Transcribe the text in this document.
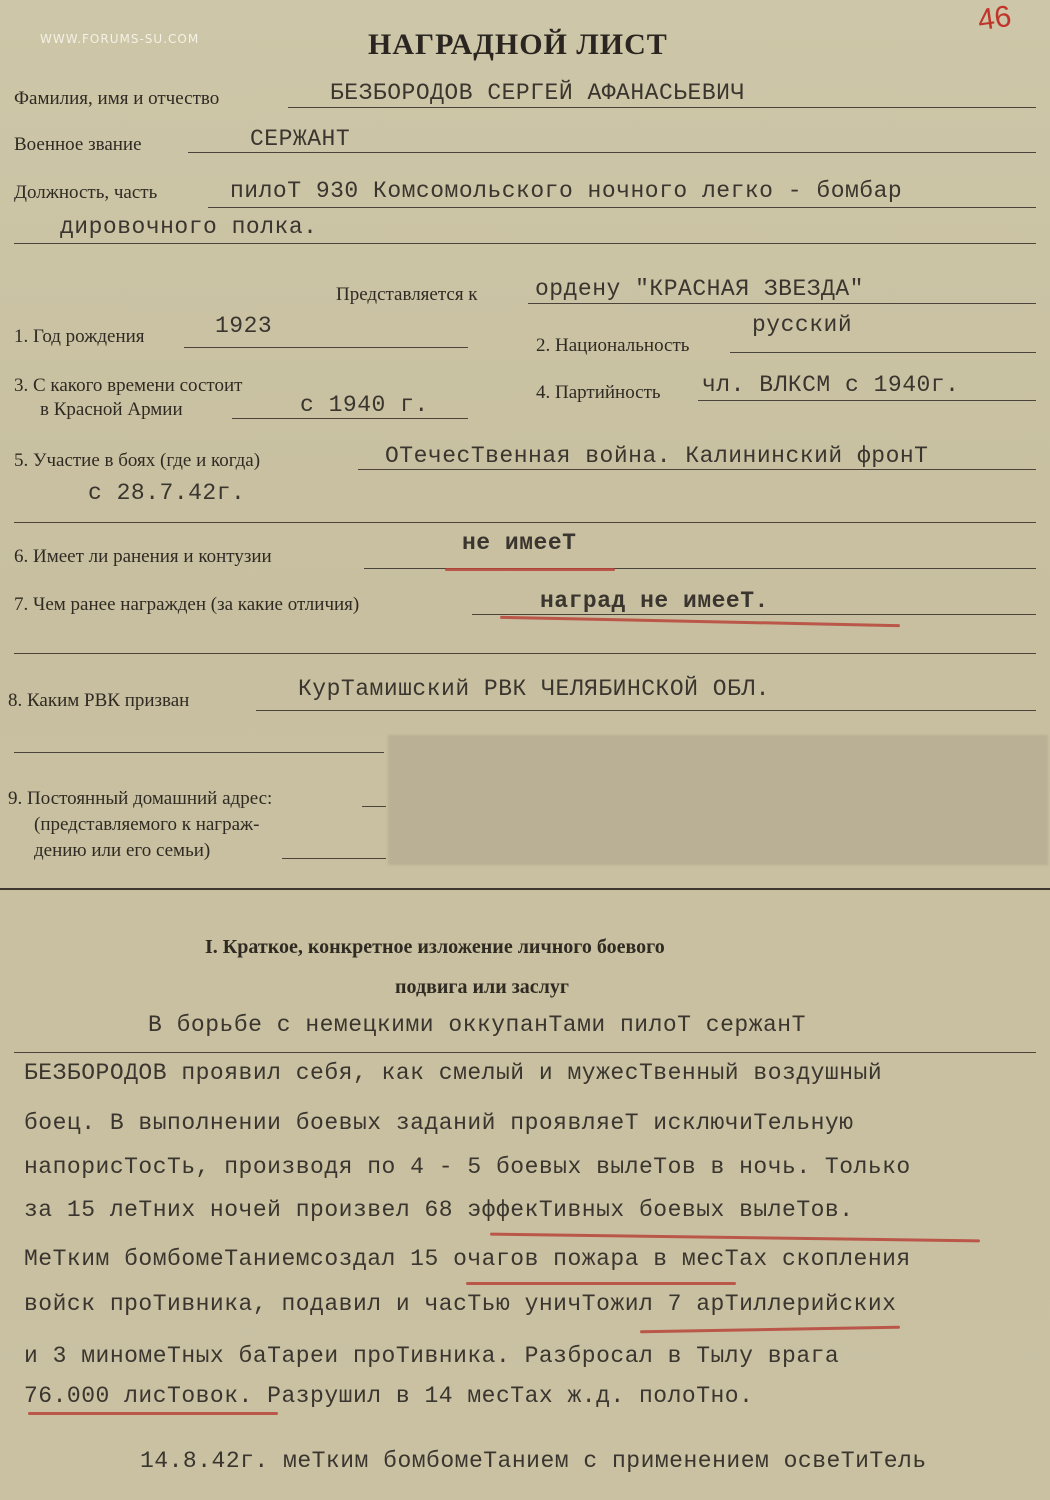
WWW.FORUMS-SU.COM
46
НАГРАДНОЙ ЛИСТ
Фамилия, имя и отчество	БЕЗБОРОДОВ СЕРГЕЙ АФАНАСЬЕВИЧ
Военное звание	СЕРЖАНТ
Должность, часть	пилоТ 930 Комсомольского ночного легко - бомбар
дировочного полка.
Представляется к ордену "КРАСНАЯ ЗВЕЗДА"
1. Год рождения	1923
2. Национальность
русский
3. С какого времени состоит
в Красной Армии	с 1940 г.	4. Партийность чл. ВЛКСМ с 1940г.
5. Участие в боях (где и когда)	ОТечесТвенная война. Калининский фронТ
с 28.7.42г.
6. Имеет ли ранения и контузии
не имееТ
7. Чем ранее награжден (за какие отличия)	наград не имееТ.
8. Каким РВК призван	КурТамишский РВК ЧЕЛЯБИНСКОЙ ОБЛ.
9. Постоянный домашний адрес:
(представляемого к награж-
дению или его семьи)
I. Краткое, конкретное изложение личного боевого
подвига или заслуг
В борьбе с немецкими оккупанТами пилоТ сержанТ
БЕЗБОРОДОВ проявил себя, как смелый и мужесТвенный воздушный
боец. В выполнении боевых заданий проявляеТ исключиТельную
напорисТосТь, производя по 4 - 5 боевых вылеТов в ночь. Только
за 15 леТних ночей произвел 68 эффекТивных боевых вылеТов.
МеТким бомбомеТаниемсоздал 15 очагов пожара в месТах скопления
войск проТивника, подавил и часТью уничТожил 7 арТиллерийских
и 3 миномеТных баТареи проТивника. Разбросал в Тылу врага
76.000 лисТовок. Разрушил в 14 месТах ж.д. полоТно.
14.8.42г. меТким бомбомеТанием с применением освеТиТель
